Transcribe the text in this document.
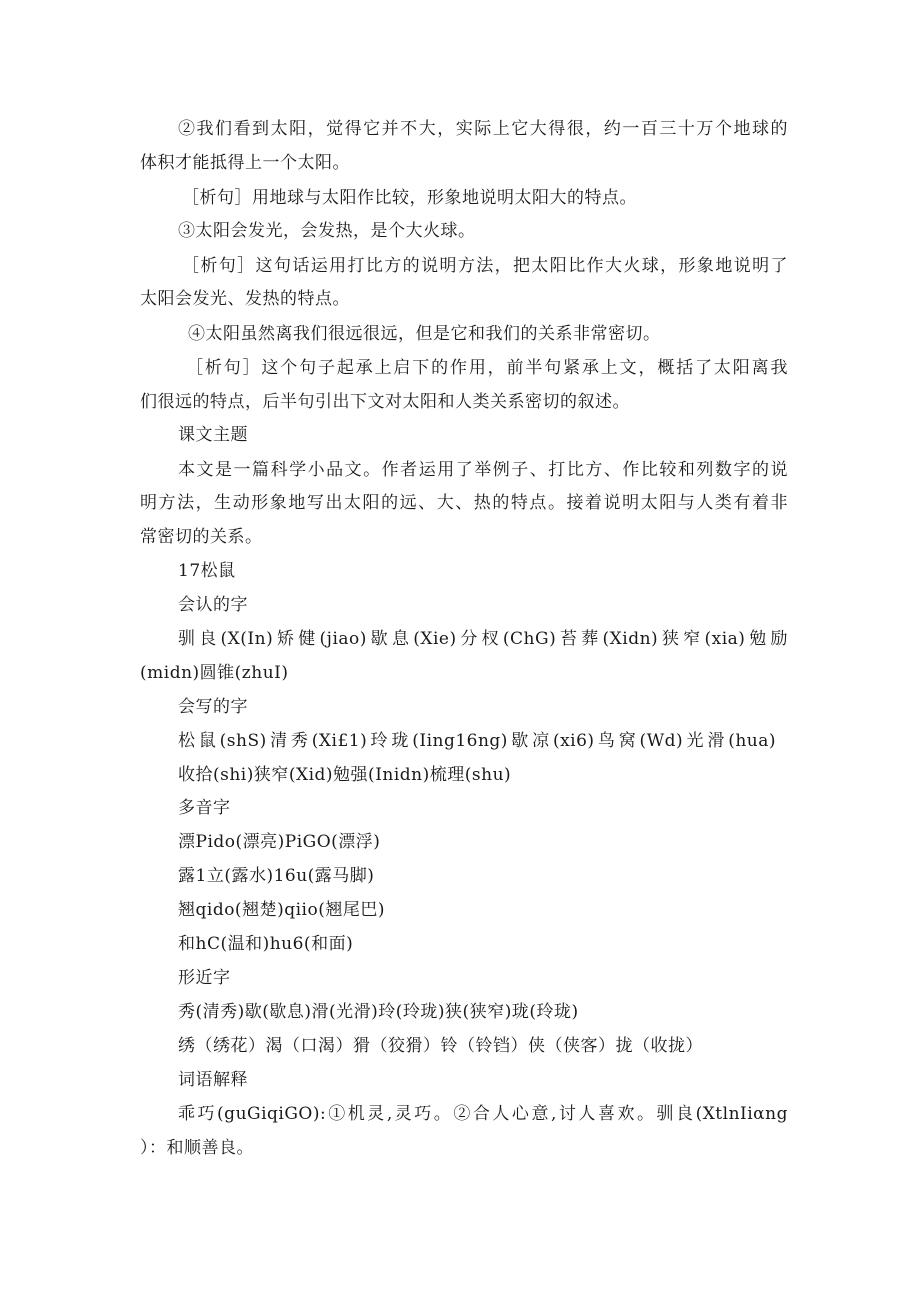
②我们看到太阳，觉得它并不大，实际上它大得很，约一百三十万个地球的
体积才能抵得上一个太阳。
［析句］用地球与太阳作比较，形象地说明太阳大的特点。
③太阳会发光，会发热，是个大火球。
［析句］这句话运用打比方的说明方法，把太阳比作大火球，形象地说明了
太阳会发光、发热的特点。
④太阳虽然离我们很远很远，但是它和我们的关系非常密切。
［析句］这个句子起承上启下的作用，前半句紧承上文，概括了太阳离我
们很远的特点，后半句引出下文对太阳和人类关系密切的叙述。
课文主题
本文是一篇科学小品文。作者运用了举例子、打比方、作比较和列数字的说
明方法，生动形象地写出太阳的远、大、热的特点。接着说明太阳与人类有着非
常密切的关系。
17松鼠
会认的字
驯良(X(In)矫健(jiao)歇息(Xie)分杈(ChG)苔葬(Xidn)狭窄(xia)勉励
(midn)圆锥(zhuI)
会写的字
松鼠(shS)清秀(Xi£1)玲珑(Iing16ng)歇凉(xi6)鸟窝(Wd)光滑(hua)
收拾(shi)狭窄(Xid)勉强(Inidn)梳理(shu)
多音字
漂Pido(漂亮)PiGO(漂浮)
露1立(露水)16u(露马脚)
翘qido(翘楚)qiio(翘尾巴)
和hC(温和)hu6(和面)
形近字
秀(清秀)歇(歇息)滑(光滑)玲(玲珑)狭(狭窄)珑(玲珑)
绣（绣花）渴（口渴）猾（狡猾）铃（铃铛）侠（侠客）拢（收拢）
词语解释
乖巧(guGiqiGO):①机灵,灵巧。②合人心意,讨人喜欢。驯良(XtlnIiαng
）：和顺善良。
